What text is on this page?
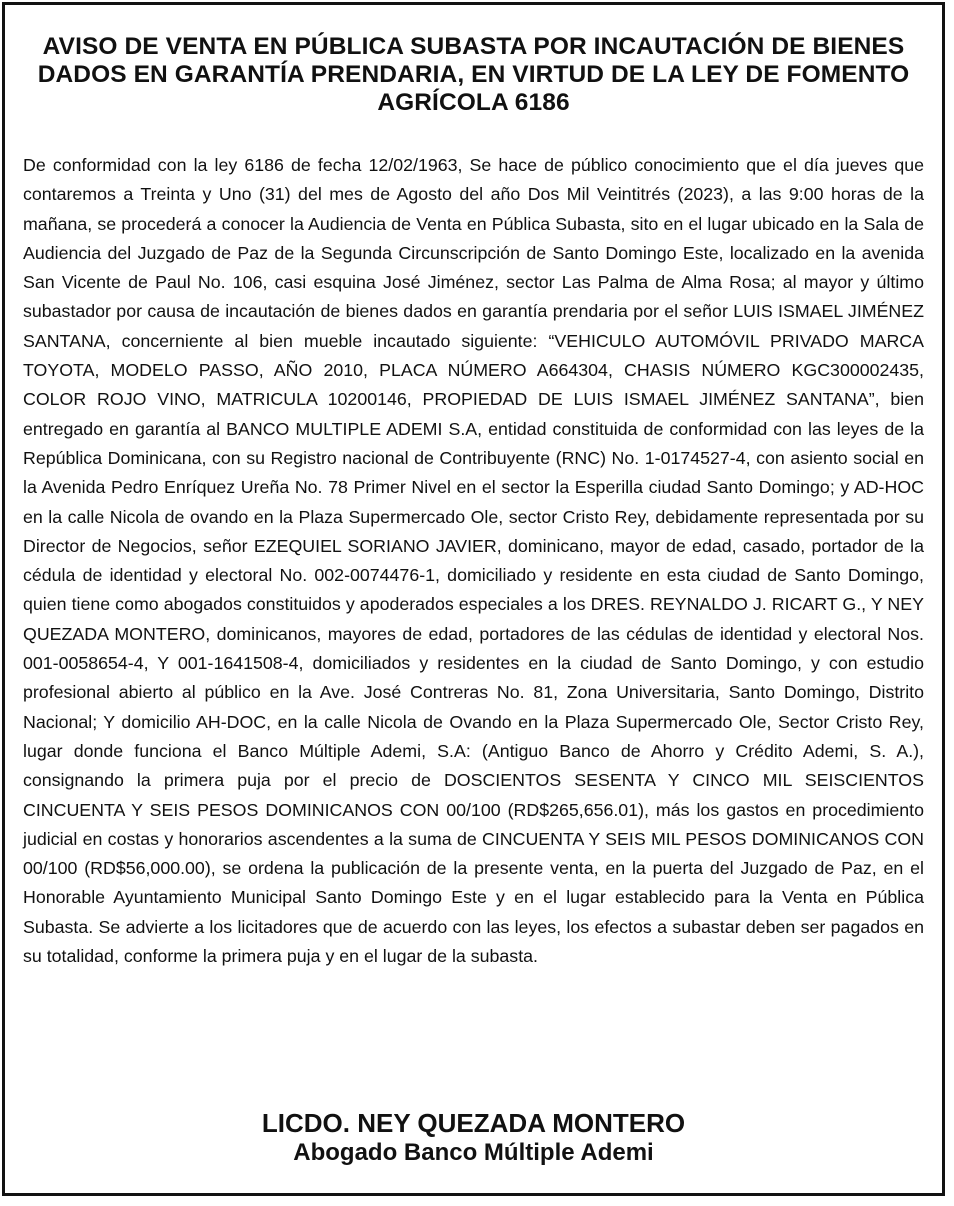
AVISO DE VENTA EN PÚBLICA SUBASTA POR INCAUTACIÓN DE BIENES DADOS EN GARANTÍA PRENDARIA, EN VIRTUD DE LA LEY DE FOMENTO AGRÍCOLA 6186

De conformidad con la ley 6186 de fecha 12/02/1963, Se hace de público conocimiento que el día jueves que contaremos a Treinta y Uno (31) del mes de Agosto del año Dos Mil Veintitrés (2023), a las 9:00 horas de la mañana, se procederá a conocer la Audiencia de Venta en Pública Subasta, sito en el lugar ubicado en la Sala de Audiencia del Juzgado de Paz de la Segunda Circunscripción de Santo Domingo Este, localizado en la avenida San Vicente de Paul No. 106, casi esquina José Jiménez, sector Las Palma de Alma Rosa; al mayor y último subastador por causa de incautación de bienes dados en garantía prendaria por el señor LUIS ISMAEL JIMÉNEZ SANTANA, concerniente al bien mueble incautado siguiente: “VEHICULO AUTOMÓVIL PRIVADO MARCA TOYOTA, MODELO PASSO, AÑO 2010, PLACA NÚMERO A664304, CHASIS NÚMERO KGC300002435, COLOR ROJO VINO, MATRICULA 10200146, PROPIEDAD DE LUIS ISMAEL JIMÉNEZ SANTANA”, bien entregado en garantía al BANCO MULTIPLE ADEMI S.A, entidad constituida de conformidad con las leyes de la República Dominicana, con su Registro nacional de Contribuyente (RNC) No. 1-0174527-4, con asiento social en la Avenida Pedro Enríquez Ureña No. 78 Primer Nivel en el sector la Esperilla ciudad Santo Domingo; y AD-HOC en la calle Nicola de ovando en la Plaza Supermercado Ole, sector Cristo Rey, debidamente representada por su Director de Negocios, señor EZEQUIEL SORIANO JAVIER, dominicano, mayor de edad, casado, portador de la cédula de identidad y electoral No. 002-0074476-1, domiciliado y residente en esta ciudad de Santo Domingo, quien tiene como abogados constituidos y apoderados especiales a los DRES. REYNALDO J. RICART G., Y NEY QUEZADA MONTERO, dominicanos, mayores de edad, portadores de las cédulas de identidad y electoral Nos. 001-0058654-4, Y 001-1641508-4, domiciliados y residentes en la ciudad de Santo Domingo, y con estudio profesional abierto al público en la Ave. José Contreras No. 81, Zona Universitaria, Santo Domingo, Distrito Nacional; Y domicilio AH-DOC, en la calle Nicola de Ovando en la Plaza Supermercado Ole, Sector Cristo Rey, lugar donde funciona el Banco Múltiple Ademi, S.A: (Antiguo Banco de Ahorro y Crédito Ademi, S. A.), consignando la primera puja por el precio de DOSCIENTOS SESENTA Y CINCO MIL SEISCIENTOS CINCUENTA Y SEIS PESOS DOMINICANOS CON 00/100 (RD$265,656.01), más los gastos en procedimiento judicial en costas y honorarios ascendentes a la suma de CINCUENTA Y SEIS MIL PESOS DOMINICANOS CON 00/100 (RD$56,000.00), se ordena la publicación de la presente venta, en la puerta del Juzgado de Paz, en el Honorable Ayuntamiento Municipal Santo Domingo Este y en el lugar establecido para la Venta en Pública Subasta. Se advierte a los licitadores que de acuerdo con las leyes, los efectos a subastar deben ser pagados en su totalidad, conforme la primera puja y en el lugar de la subasta.

LICDO. NEY QUEZADA MONTERO
Abogado Banco Múltiple Ademi
